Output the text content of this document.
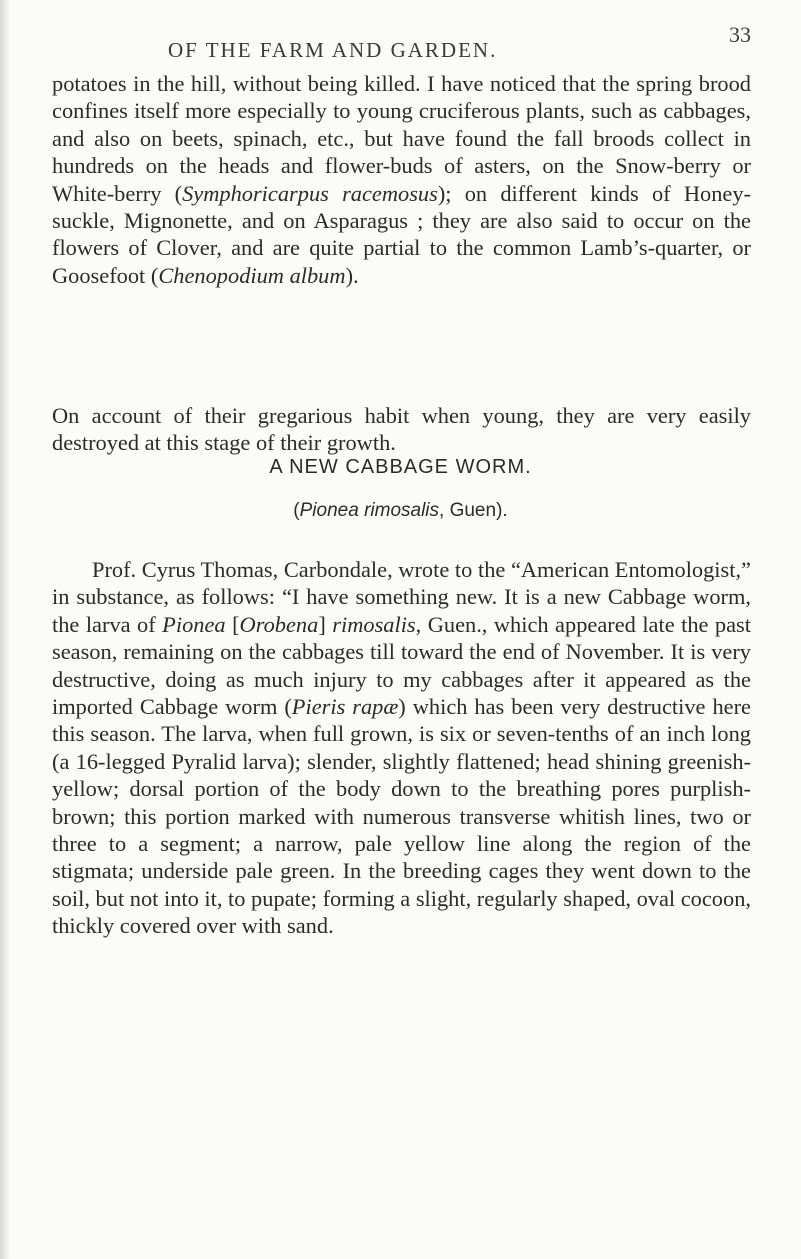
OF THE FARM AND GARDEN.
33

potatoes in the hill, without being killed. I have noticed that the spring brood confines itself more especially to young cruciferous plants, such as cabbages, and also on beets, spinach, etc., but have found the fall broods collect in hundreds on the heads and flower-buds of asters, on the Snow-berry or White-berry (Symphoricarpus racemosus); on different kinds of Honey-suckle, Mignonette, and on Asparagus ; they are also said to occur on the flowers of Clover, and are quite partial to the common Lamb’s-quarter, or Goosefoot (Chenopodium album).

On account of their gregarious habit when young, they are very easily destroyed at this stage of their growth.

A NEW CABBAGE WORM.

(Pionea rimosalis, Guen).

Prof. Cyrus Thomas, Carbondale, wrote to the “American Entomologist,” in substance, as follows: “I have something new. It is a new Cabbage worm, the larva of Pionea [Orobena] rimosalis, Guen., which appeared late the past season, remaining on the cabbages till toward the end of November. It is very destructive, doing as much injury to my cabbages after it appeared as the imported Cabbage worm (Pieris rapæ) which has been very destructive here this season. The larva, when full grown, is six or seven-tenths of an inch long (a 16-legged Pyralid larva); slender, slightly flattened; head shining greenish-yellow; dorsal portion of the body down to the breathing pores purplish-brown; this portion marked with numerous transverse whitish lines, two or three to a segment; a narrow, pale yellow line along the region of the stigmata; underside pale green. In the breeding cages they went down to the soil, but not into it, to pupate; forming a slight, regularly shaped, oval cocoon, thickly covered over with sand.
